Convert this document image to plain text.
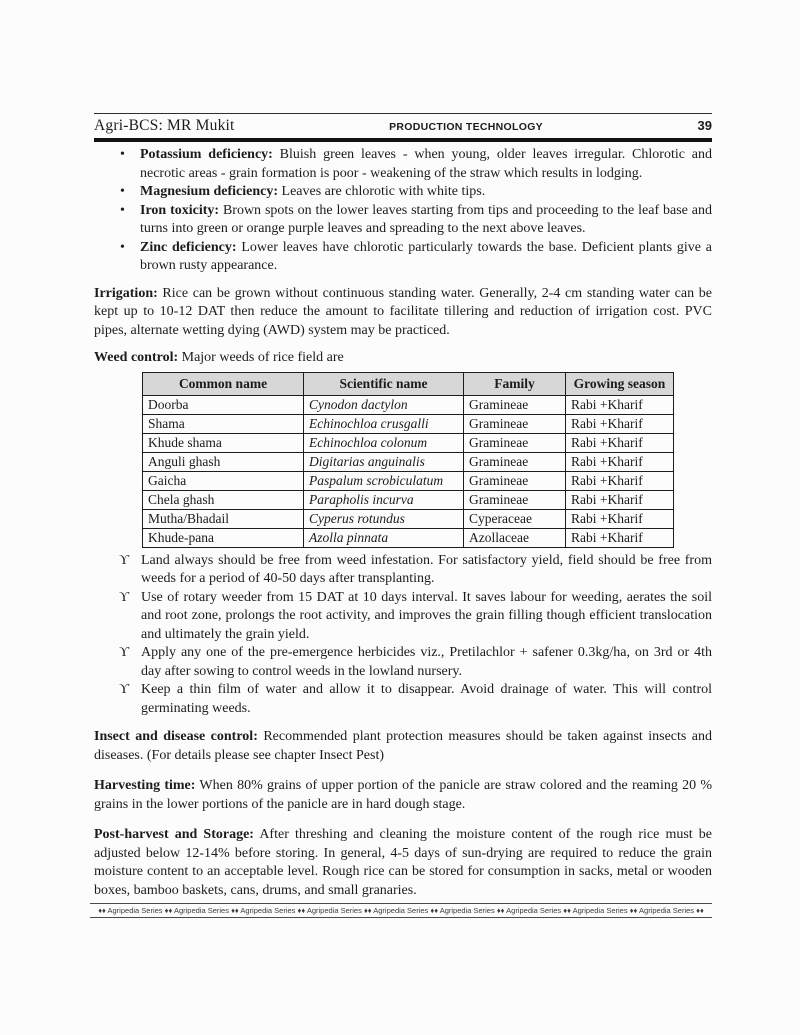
Agri-BCS: MR Mukit	PRODUCTION TECHNOLOGY	39
•	Potassium deficiency: Bluish green leaves - when young, older leaves irregular. Chlorotic and necrotic areas - grain formation is poor - weakening of the straw which results in lodging.
•	Magnesium deficiency: Leaves are chlorotic with white tips.
•	Iron toxicity: Brown spots on the lower leaves starting from tips and proceeding to the leaf base and turns into green or orange purple leaves and spreading to the next above leaves.
•	Zinc deficiency: Lower leaves have chlorotic particularly towards the base. Deficient plants give a brown rusty appearance.

Irrigation: Rice can be grown without continuous standing water. Generally, 2-4 cm standing water can be kept up to 10-12 DAT then reduce the amount to facilitate tillering and reduction of irrigation cost. PVC pipes, alternate wetting dying (AWD) system may be practiced.

Weed control: Major weeds of rice field are

Common name	Scientific name	Family	Growing season
Doorba	Cynodon dactylon	Gramineae	Rabi +Kharif
Shama	Echinochloa crusgalli	Gramineae	Rabi +Kharif
Khude shama	Echinochloa colonum	Gramineae	Rabi +Kharif
Anguli ghash	Digitarias anguinalis	Gramineae	Rabi +Kharif
Gaicha	Paspalum scrobiculatum	Gramineae	Rabi +Kharif
Chela ghash	Parapholis incurva	Gramineae	Rabi +Kharif
Mutha/Bhadail	Cyperus rotundus	Cyperaceae	Rabi +Kharif
Khude-pana	Azolla pinnata	Azollaceae	Rabi +Kharif
ϒ Land always should be free from weed infestation. For satisfactory yield, field should be free from weeds for a period of 40-50 days after transplanting.
ϒ Use of rotary weeder from 15 DAT at 10 days interval. It saves labour for weeding, aerates the soil and root zone, prolongs the root activity, and improves the grain filling though efficient translocation and ultimately the grain yield.
ϒ Apply any one of the pre-emergence herbicides viz., Pretilachlor + safener 0.3kg/ha, on 3rd or 4th day after sowing to control weeds in the lowland nursery.
ϒ Keep a thin film of water and allow it to disappear. Avoid drainage of water. This will control germinating weeds.

Insect and disease control: Recommended plant protection measures should be taken against insects and diseases. (For details please see chapter Insect Pest)

Harvesting time: When 80% grains of upper portion of the panicle are straw colored and the reaming 20 % grains in the lower portions of the panicle are in hard dough stage.

Post-harvest and Storage: After threshing and cleaning the moisture content of the rough rice must be adjusted below 12-14% before storing. In general, 4-5 days of sun-drying are required to reduce the grain moisture content to an acceptable level. Rough rice can be stored for consumption in sacks, metal or wooden boxes, bamboo baskets, cans, drums, and small granaries.

♦♦ Agripedia Series ♦♦ Agripedia Series ♦♦ Agripedia Series ♦♦ Agripedia Series ♦♦ Agripedia Series ♦♦ Agripedia Series ♦♦ Agripedia Series ♦♦ Agripedia Series ♦♦ Agripedia Series ♦♦
